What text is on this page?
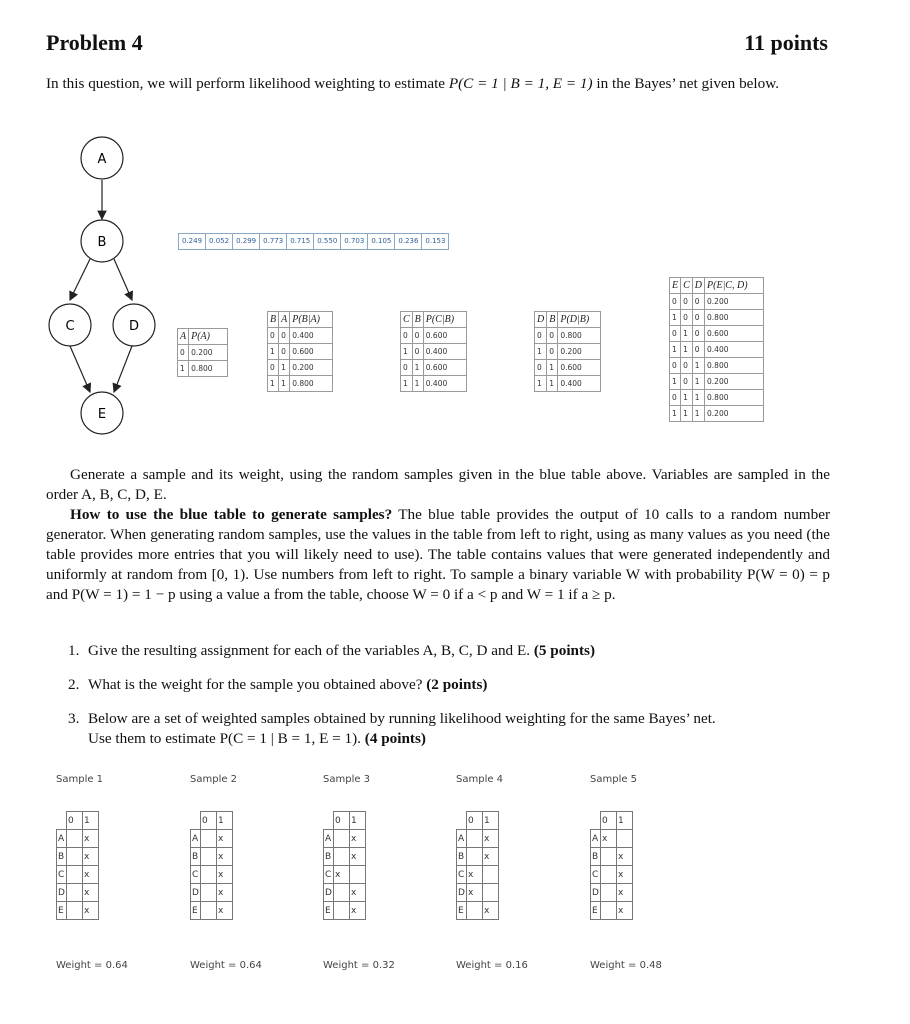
Problem 4	11 points
In this question, we will perform likelihood weighting to estimate P(C = 1 | B = 1, E = 1) in the Bayes’ net given below.
A
B
C	D
E
0.249	0.052	0.299	0.773	0.715	0.550	0.703	0.105	0.236	0.153
A	P(A)
0	0.200
1	0.800
B	A	P(B|A)
0	0	0.400
1	0	0.600
0	1	0.200
1	1	0.800
C	B	P(C|B)
0	0	0.600
1	0	0.400
0	1	0.600
1	1	0.400
D	B	P(D|B)
0	0	0.800
1	0	0.200
0	1	0.600
1	1	0.400
E	C	D	P(E|C, D)
0	0	0	0.200
1	0	0	0.800
0	1	0	0.600
1	1	0	0.400
0	0	1	0.800
1	0	1	0.200
0	1	1	0.800
1	1	1	0.200
Generate a sample and its weight, using the random samples given in the blue table above. Variables are sampled in the order A, B, C, D, E.
How to use the blue table to generate samples? The blue table provides the output of 10 calls to a random number generator. When generating random samples, use the values in the table from left to right, using as many values as you need (the table provides more entries that you will likely need to use). The table contains values that were generated independently and uniformly at random from [0, 1). Use numbers from left to right. To sample a binary variable W with probability P(W = 0) = p and P(W = 1) = 1 − p using a value a from the table, choose W = 0 if a < p and W = 1 if a ≥ p.
1. Give the resulting assignment for each of the variables A, B, C, D and E. (5 points)
2. What is the weight for the sample you obtained above? (2 points)
3. Below are a set of weighted samples obtained by running likelihood weighting for the same Bayes’ net.
Use them to estimate P(C = 1 | B = 1, E = 1). (4 points)
Sample 1
	0	1
A		x
B		x
C		x
D		x
E		x
Weight = 0.64
Sample 2
	0	1
A		x
B		x
C		x
D		x
E		x
Weight = 0.64
Sample 3
	0	1
A		x
B		x
C	x	
D		x
E		x
Weight = 0.32
Sample 4
	0	1
A		x
B		x
C	x	
D	x	
E		x
Weight = 0.16
Sample 5
	0	1
A	x	
B		x
C		x
D		x
E		x
Weight = 0.48
